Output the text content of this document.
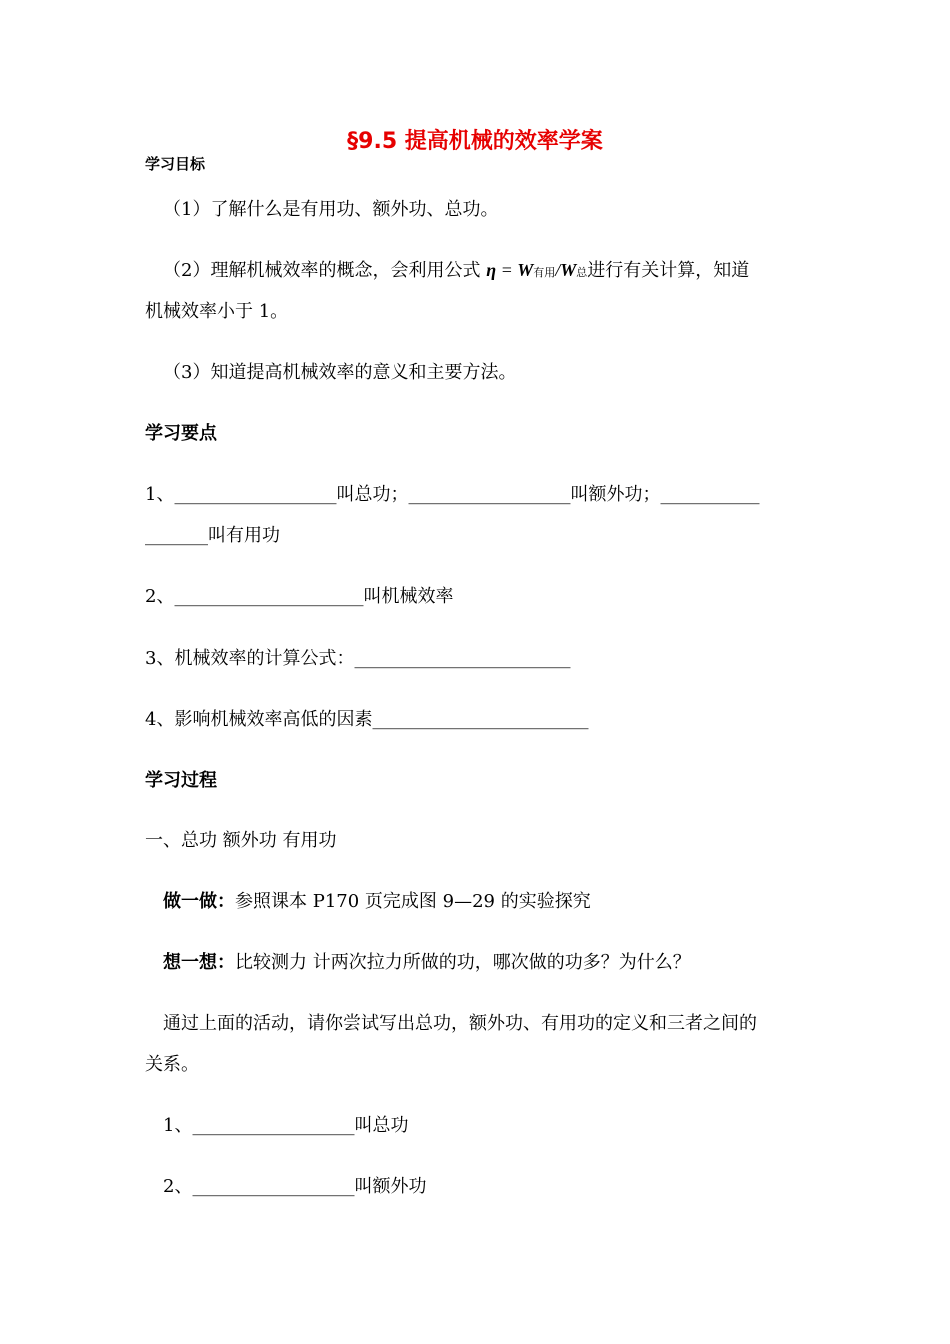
§9.5 提高机械的效率学案
学习目标
（1）了解什么是有用功、额外功、总功。
（2）理解机械效率的概念，会利用公式 η = W有用/W总进行有关计算，知道
机械效率小于 1。
（3）知道提高机械效率的意义和主要方法。
学习要点
1、__________________叫总功；__________________叫额外功；___________
_______叫有用功
2、_____________________叫机械效率
3、机械效率的计算公式：________________________
4、影响机械效率高低的因素________________________
学习过程
一、总功 额外功 有用功
做一做：参照课本 P170 页完成图 9—29 的实验探究
想一想：比较测力 计两次拉力所做的功，哪次做的功多？为什么？
通过上面的活动，请你尝试写出总功，额外功、有用功的定义和三者之间的
关系。
1、__________________叫总功
2、__________________叫额外功
